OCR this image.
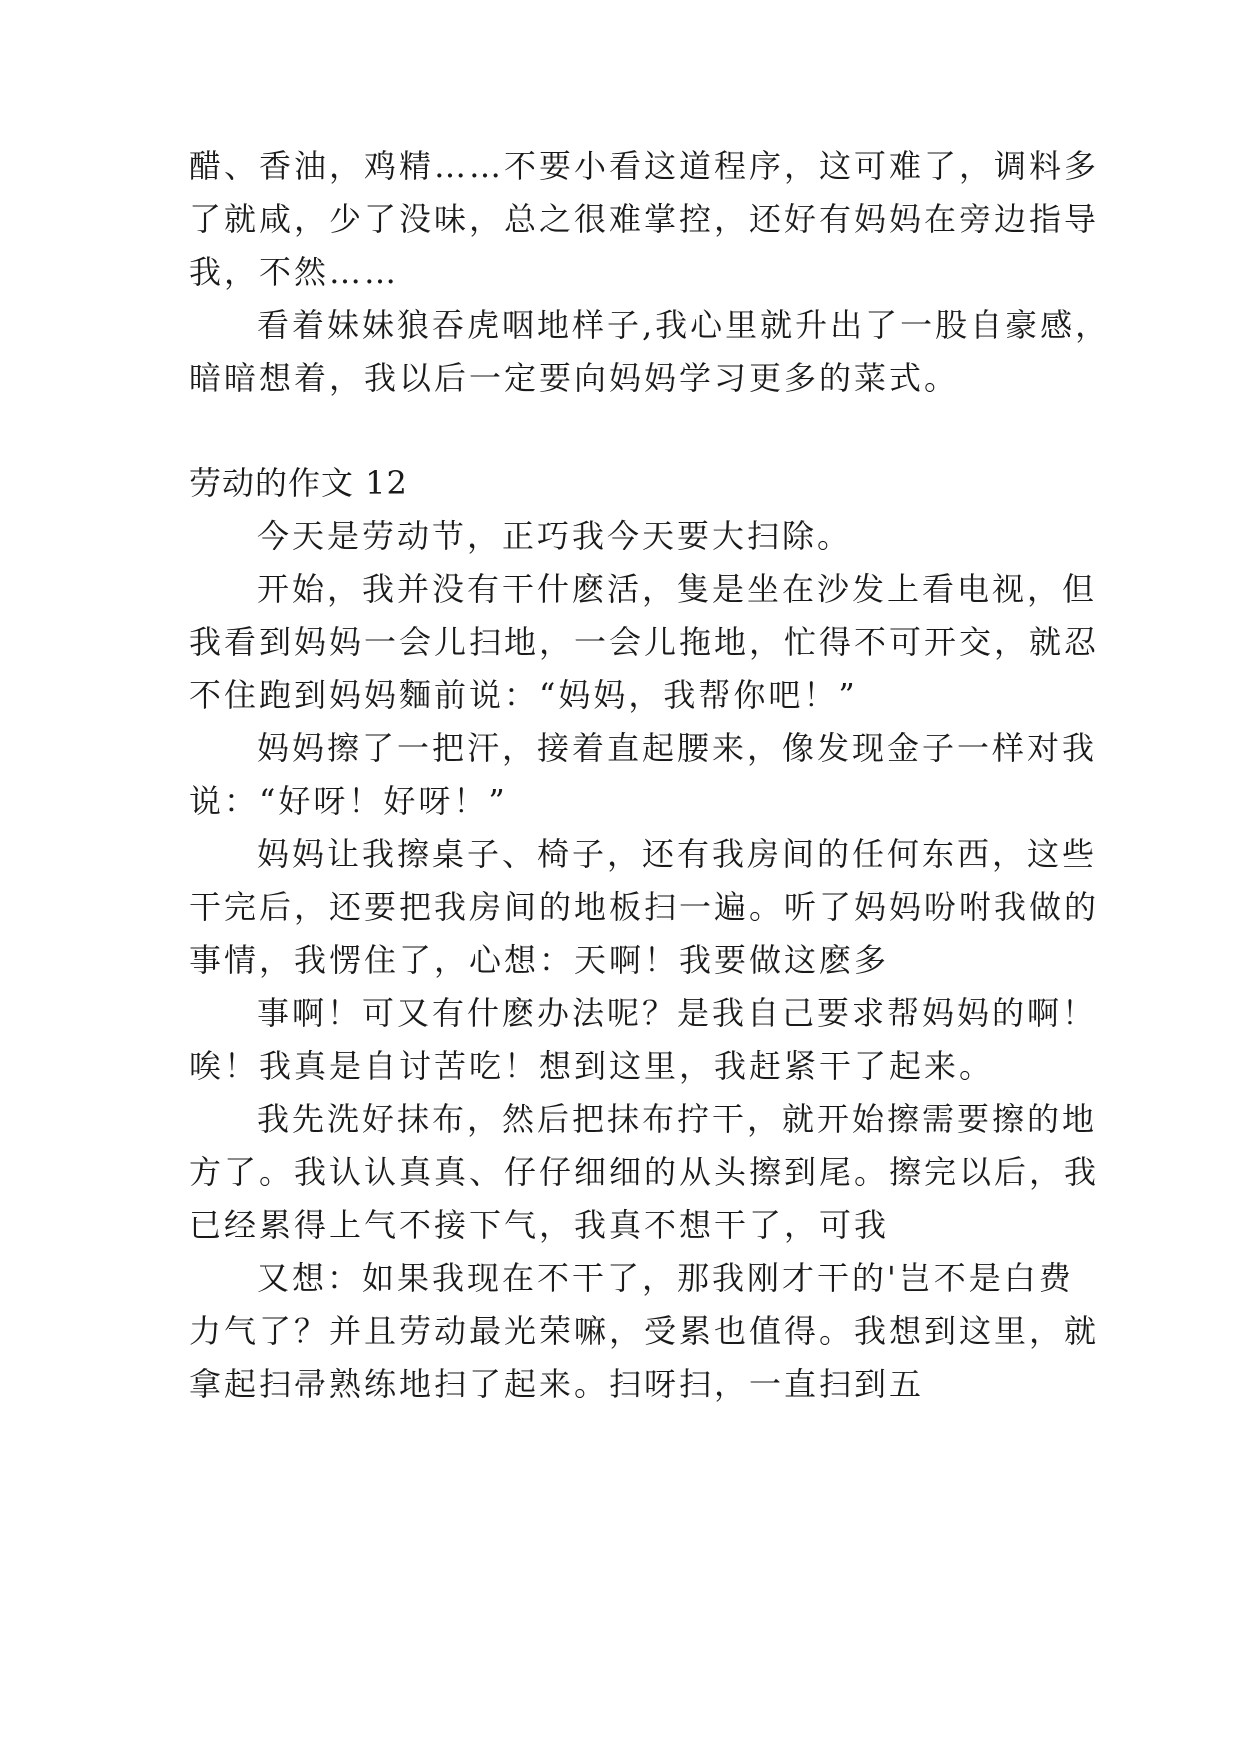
醋、香油，鸡精……不要小看这道程序，这可难了，调料多
了就咸，少了没味，总之很难掌控，还好有妈妈在旁边指导
我，不然……
看着妹妹狼吞虎咽地样子,我心里就升出了一股自豪感，
暗暗想着，我以后一定要向妈妈学习更多的菜式。
劳动的作文 12
今天是劳动节，正巧我今天要大扫除。
开始，我并没有干什麽活，隻是坐在沙发上看电视，但
我看到妈妈一会儿扫地，一会儿拖地，忙得不可开交，就忍
不住跑到妈妈麵前说：“妈妈，我帮你吧！”
妈妈擦了一把汗，接着直起腰来，像发现金子一样对我
说：“好呀！好呀！”
妈妈让我擦桌子、椅子，还有我房间的任何东西，这些
干完后，还要把我房间的地板扫一遍。听了妈妈吩咐我做的
事情，我愣住了，心想：天啊！我要做这麽多
事啊！可又有什麽办法呢？是我自己要求帮妈妈的啊！
唉！我真是自讨苦吃！想到这里，我赶紧干了起来。
我先洗好抹布，然后把抹布拧干，就开始擦需要擦的地
方了。我认认真真、仔仔细细的从头擦到尾。擦完以后，我
已经累得上气不接下气，我真不想干了，可我
又想：如果我现在不干了，那我刚才干的'岂不是白费
力气了？并且劳动最光荣嘛，受累也值得。我想到这里，就
拿起扫帚熟练地扫了起来。扫呀扫，一直扫到五
